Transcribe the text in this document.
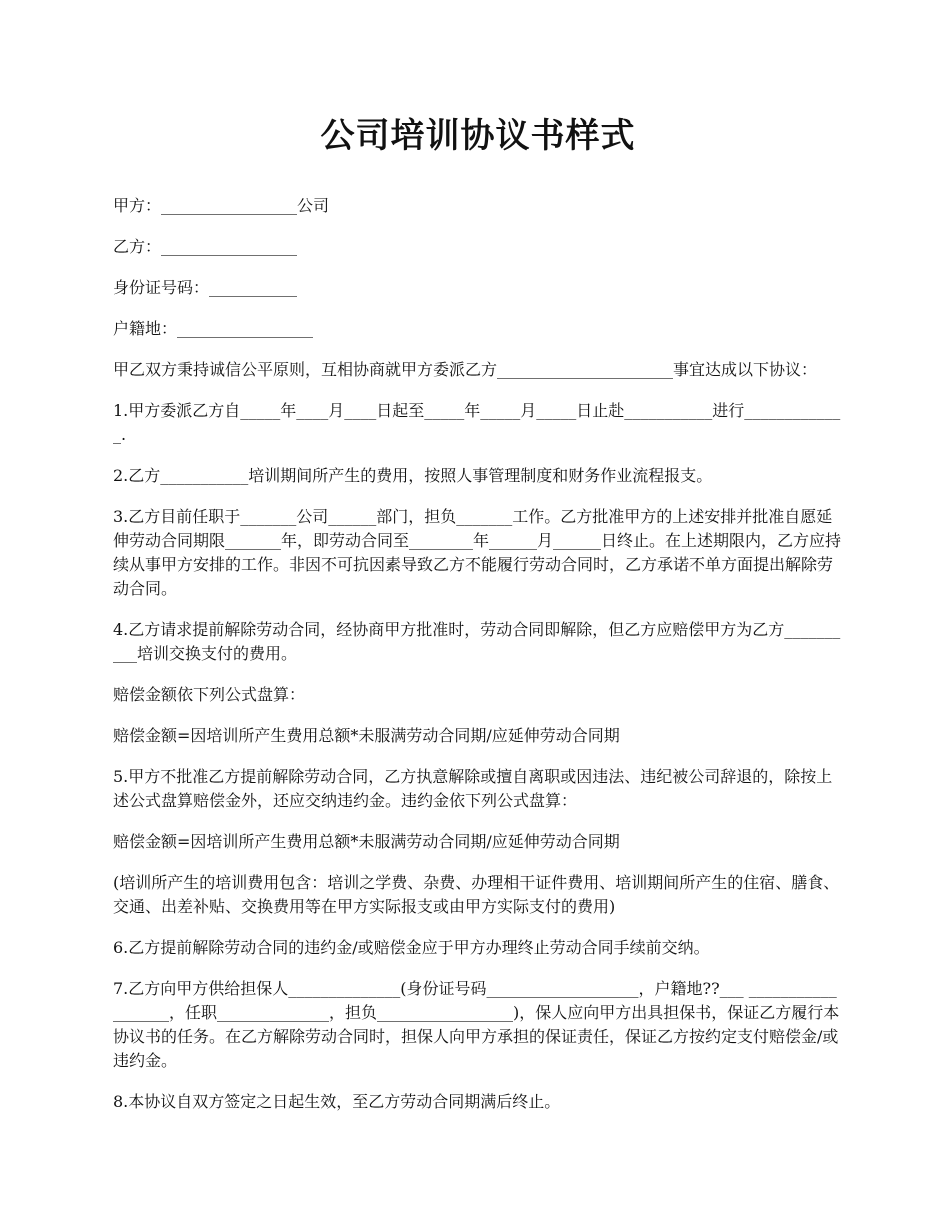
公司培训协议书样式

甲方：_________________公司

乙方：_________________

身份证号码：___________

户籍地：_________________

甲乙双方秉持诚信公平原则，互相协商就甲方委派乙方______________________事宜达成以下协议：

1.甲方委派乙方自_____年____月____日起至_____年_____月_____日止赴___________进行_____________.

2.乙方___________培训期间所产生的费用，按照人事管理制度和财务作业流程报支。

3.乙方目前任职于_______公司______部门，担负_______工作。乙方批准甲方的上述安排并批准自愿延伸劳动合同期限_______年，即劳动合同至________年______月______日终止。在上述期限内，乙方应持续从事甲方安排的工作。非因不可抗因素导致乙方不能履行劳动合同时，乙方承诺不单方面提出解除劳动合同。

4.乙方请求提前解除劳动合同，经协商甲方批准时，劳动合同即解除，但乙方应赔偿甲方为乙方__________培训交换支付的费用。

赔偿金额依下列公式盘算：

赔偿金额=因培训所产生费用总额*未服满劳动合同期/应延伸劳动合同期

5.甲方不批准乙方提前解除劳动合同，乙方执意解除或擅自离职或因违法、违纪被公司辞退的，除按上述公式盘算赔偿金外，还应交纳违约金。违约金依下列公式盘算：

赔偿金额=因培训所产生费用总额*未服满劳动合同期/应延伸劳动合同期

(培训所产生的培训费用包含：培训之学费、杂费、办理相干证件费用、培训期间所产生的住宿、膳食、交通、出差补贴、交换费用等在甲方实际报支或由甲方实际支付的费用)

6.乙方提前解除劳动合同的违约金/或赔偿金应于甲方办理终止劳动合同手续前交纳。

7.乙方向甲方供给担保人______________(身份证号码___________________，户籍地??___ __________________，任职______________，担负_________________)，保人应向甲方出具担保书，保证乙方履行本协议书的任务。在乙方解除劳动合同时，担保人向甲方承担的保证责任，保证乙方按约定支付赔偿金/或违约金。

8.本协议自双方签定之日起生效，至乙方劳动合同期满后终止。
